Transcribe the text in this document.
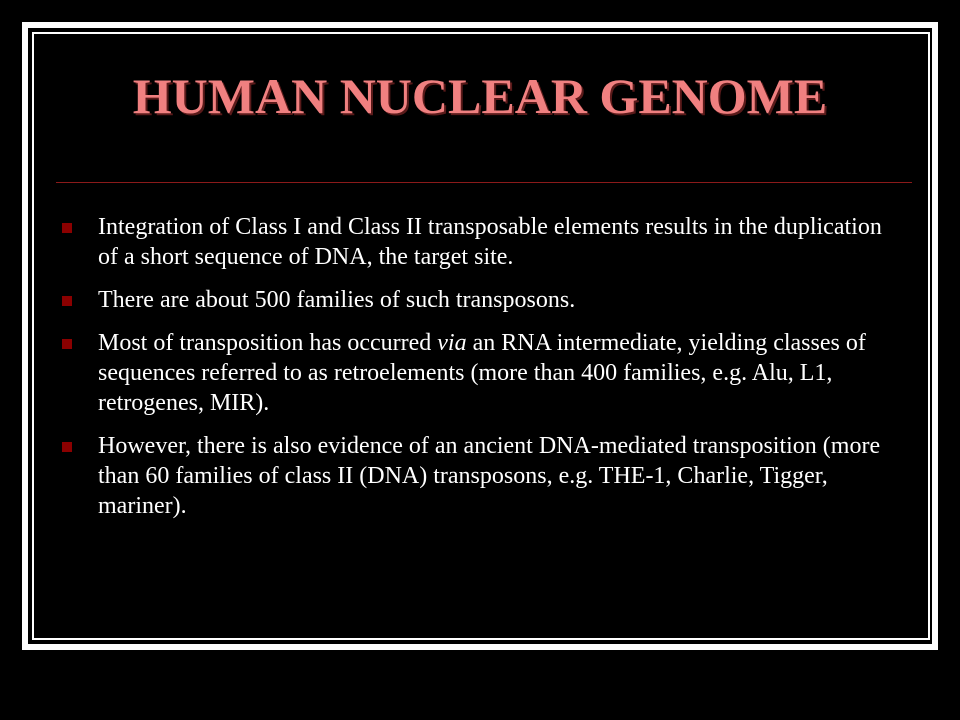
HUMAN NUCLEAR GENOME
Integration of Class I and Class II transposable elements results in the duplication of a short sequence of DNA, the target site.
There are about 500 families of such transposons.
Most of transposition has occurred via an RNA intermediate, yielding classes of sequences referred to as retroelements (more than 400 families, e.g. Alu, L1, retrogenes, MIR).
However, there is also evidence of an ancient DNA-mediated transposition (more than 60 families of class II (DNA) transposons, e.g. THE-1, Charlie, Tigger, mariner).
